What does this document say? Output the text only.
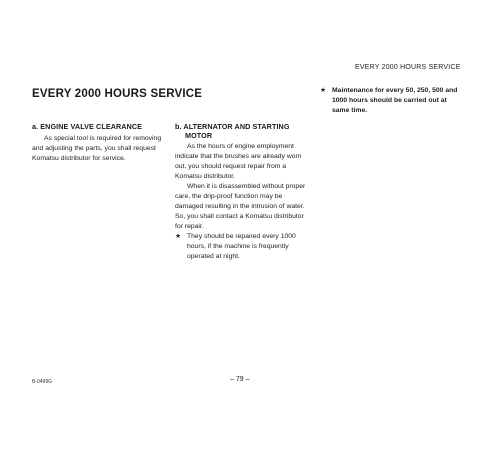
EVERY 2000 HOURS SERVICE
EVERY 2000 HOURS SERVICE
a. ENGINE VALVE CLEARANCE

As special tool is required for removing and adjusting the parts, you shall request Komatsu distributor for service.

b. ALTERNATOR AND STARTING
MOTOR

As the hours of engine employment indicate that the brushes are already worn out, you should request repair from a Komatsu distributor.

When it is disassembled without proper care, the drip-proof function may be damaged resulting in the intrusion of water. So, you shall contact a Komatsu distributor for repair.

★ They should be repaired every 1000 hours, if the machine is frequently operated at night.
★ Maintenance for every 50, 250, 500 and 1000 hours should be carried out at same time.
– 79 –
B-0499G
